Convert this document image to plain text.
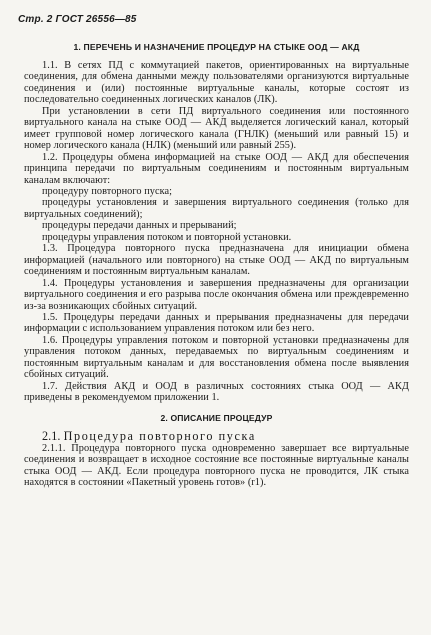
Стр. 2 ГОСТ 26556—85
1. ПЕРЕЧЕНЬ И НАЗНАЧЕНИЕ ПРОЦЕДУР НА СТЫКЕ ООД — АКД

1.1. В сетях ПД с коммутацией пакетов, ориентированных на виртуальные соединения, для обмена данными между пользователями организуются виртуальные соединения и (или) постоянные виртуальные каналы, которые состоят из последовательно соединенных логических каналов (ЛК).

При установлении в сети ПД виртуального соединения или постоянного виртуального канала на стыке ООД — АКД выделяется логический канал, который имеет групповой номер логического канала (ГНЛК) (меньший или равный 15) и номер логического канала (НЛК) (меньший или равный 255).

1.2. Процедуры обмена информацией на стыке ООД — АКД для обеспечения принципа передачи по виртуальным соединениям и постоянным виртуальным каналам включают:

процедуру повторного пуска;

процедуры установления и завершения виртуального соединения (только для виртуальных соединений);

процедуры передачи данных и прерываний;

процедуры управления потоком и повторной установки.

1.3. Процедура повторного пуска предназначена для инициации обмена информацией (начального или повторного) на стыке ООД — АКД по виртуальным соединениям и постоянным виртуальным каналам.

1.4. Процедуры установления и завершения предназначены для организации виртуального соединения и его разрыва после окончания обмена или преждевременно из-за возникающих сбойных ситуаций.

1.5. Процедуры передачи данных и прерывания предназначены для передачи информации с использованием управления потоком или без него.

1.6. Процедуры управления потоком и повторной установки предназначены для управления потоком данных, передаваемых по виртуальным соединениям и постоянным виртуальным каналам и для восстановления обмена после выявления сбойных ситуаций.

1.7. Действия АКД и ООД в различных состояниях стыка ООД — АКД приведены в рекомендуемом приложении 1.

2. ОПИСАНИЕ ПРОЦЕДУР

2.1. Процедура повторного пуска

2.1.1. Процедура повторного пуска одновременно завершает все виртуальные соединения и возвращает в исходное состояние все постоянные виртуальные каналы стыка ООД — АКД. Если процедура повторного пуска не проводится, ЛК стыка находятся в состоянии «Пакетный уровень готов» (r1).
